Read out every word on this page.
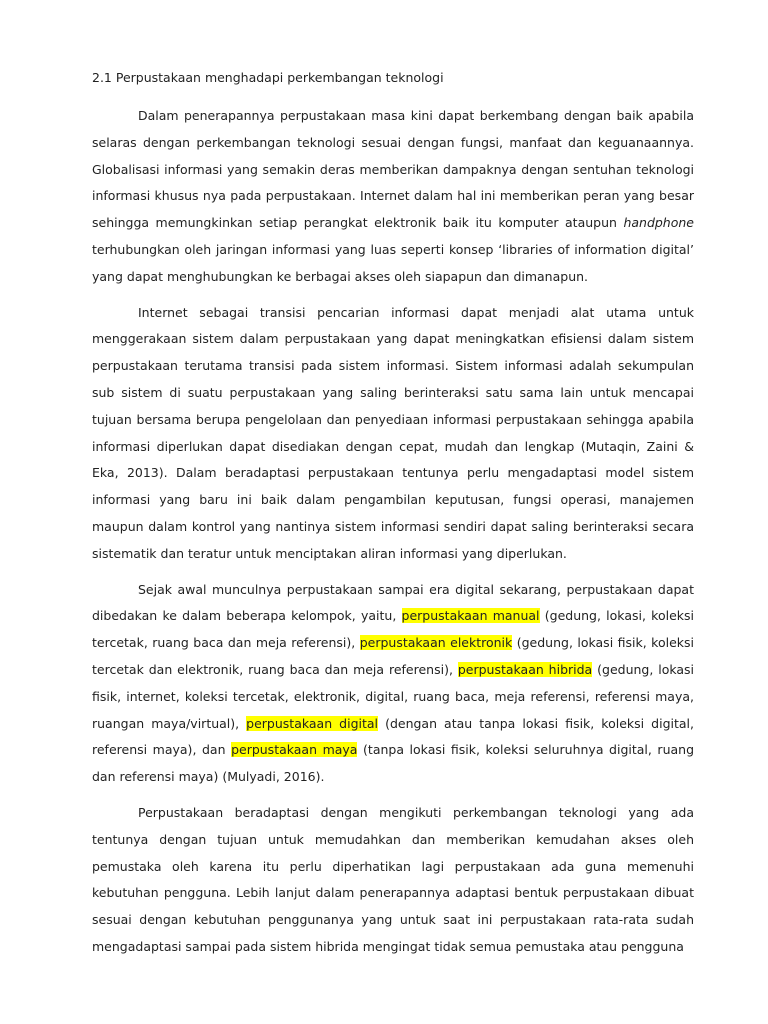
2.1 Perpustakaan menghadapi perkembangan teknologi

Dalam penerapannya perpustakaan masa kini dapat berkembang dengan baik apabila selaras dengan perkembangan teknologi sesuai dengan fungsi, manfaat dan keguanaannya. Globalisasi informasi yang semakin deras memberikan dampaknya dengan sentuhan teknologi informasi khusus nya pada perpustakaan. Internet dalam hal ini memberikan peran yang besar sehingga memungkinkan setiap perangkat elektronik baik itu komputer ataupun handphone terhubungkan oleh jaringan informasi yang luas seperti konsep ‘libraries of information digital’ yang dapat menghubungkan ke berbagai akses oleh siapapun dan dimanapun.

Internet sebagai transisi pencarian informasi dapat menjadi alat utama untuk menggerakaan sistem dalam perpustakaan yang dapat meningkatkan efisiensi dalam sistem perpustakaan terutama transisi pada sistem informasi. Sistem informasi adalah sekumpulan sub sistem di suatu perpustakaan yang saling berinteraksi satu sama lain untuk mencapai tujuan bersama berupa pengelolaan dan penyediaan informasi perpustakaan sehingga apabila informasi diperlukan dapat disediakan dengan cepat, mudah dan lengkap (Mutaqin, Zaini & Eka, 2013). Dalam beradaptasi perpustakaan tentunya perlu mengadaptasi model sistem informasi yang baru ini baik dalam pengambilan keputusan, fungsi operasi, manajemen maupun dalam kontrol yang nantinya sistem informasi sendiri dapat saling berinteraksi secara sistematik dan teratur untuk menciptakan aliran informasi yang diperlukan.

Sejak awal munculnya perpustakaan sampai era digital sekarang, perpustakaan dapat dibedakan ke dalam beberapa kelompok, yaitu, perpustakaan manual (gedung, lokasi, koleksi tercetak, ruang baca dan meja referensi), perpustakaan elektronik (gedung, lokasi fisik, koleksi tercetak dan elektronik, ruang baca dan meja referensi), perpustakaan hibrida (gedung, lokasi fisik, internet, koleksi tercetak, elektronik, digital, ruang baca, meja referensi, referensi maya, ruangan maya/virtual), perpustakaan digital (dengan atau tanpa lokasi fisik, koleksi digital, referensi maya), dan perpustakaan maya (tanpa lokasi fisik, koleksi seluruhnya digital, ruang dan referensi maya) (Mulyadi, 2016).

Perpustakaan beradaptasi dengan mengikuti perkembangan teknologi yang ada tentunya dengan tujuan untuk memudahkan dan memberikan kemudahan akses oleh pemustaka oleh karena itu perlu diperhatikan lagi perpustakaan ada guna memenuhi kebutuhan pengguna. Lebih lanjut dalam penerapannya adaptasi bentuk perpustakaan dibuat sesuai dengan kebutuhan penggunanya yang untuk saat ini perpustakaan rata-rata sudah mengadaptasi sampai pada sistem hibrida mengingat tidak semua pemustaka atau pengguna
